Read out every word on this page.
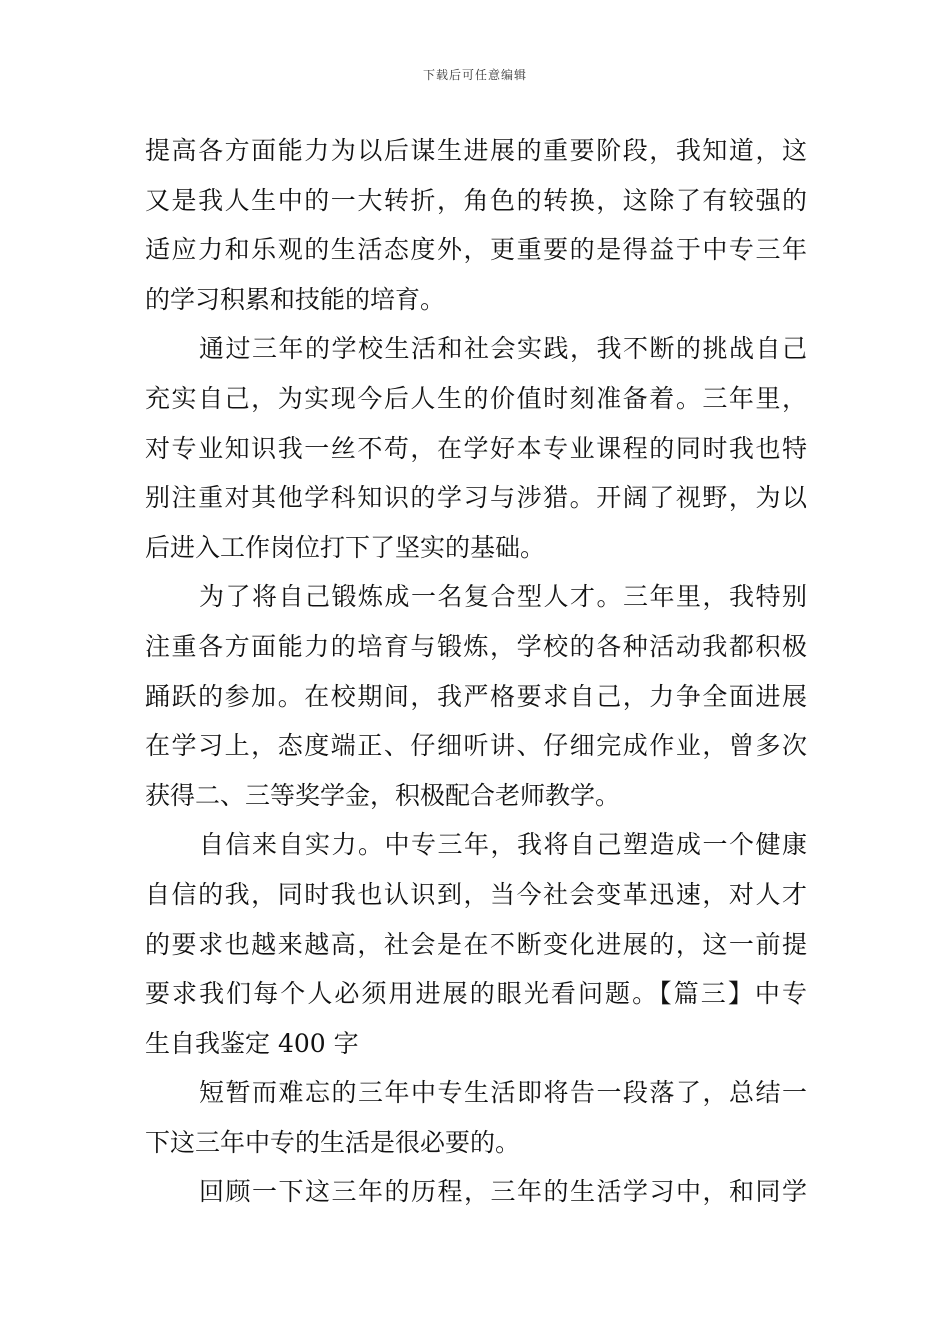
下载后可任意编辑
提高各方面能力为以后谋生进展的重要阶段，我知道，这
又是我人生中的一大转折，角色的转换，这除了有较强的
适应力和乐观的生活态度外，更重要的是得益于中专三年
的学习积累和技能的培育。
通过三年的学校生活和社会实践，我不断的挑战自己
充实自己，为实现今后人生的价值时刻准备着。三年里，
对专业知识我一丝不苟，在学好本专业课程的同时我也特
别注重对其他学科知识的学习与涉猎。开阔了视野，为以
后进入工作岗位打下了坚实的基础。
为了将自己锻炼成一名复合型人才。三年里，我特别
注重各方面能力的培育与锻炼，学校的各种活动我都积极
踊跃的参加。在校期间，我严格要求自己，力争全面进展
在学习上，态度端正、仔细听讲、仔细完成作业，曾多次
获得二、三等奖学金，积极配合老师教学。
自信来自实力。中专三年，我将自己塑造成一个健康
自信的我，同时我也认识到，当今社会变革迅速，对人才
的要求也越来越高，社会是在不断变化进展的，这一前提
要求我们每个人必须用进展的眼光看问题。【篇三】中专
生自我鉴定 400 字
短暂而难忘的三年中专生活即将告一段落了，总结一
下这三年中专的生活是很必要的。
回顾一下这三年的历程，三年的生活学习中，和同学
